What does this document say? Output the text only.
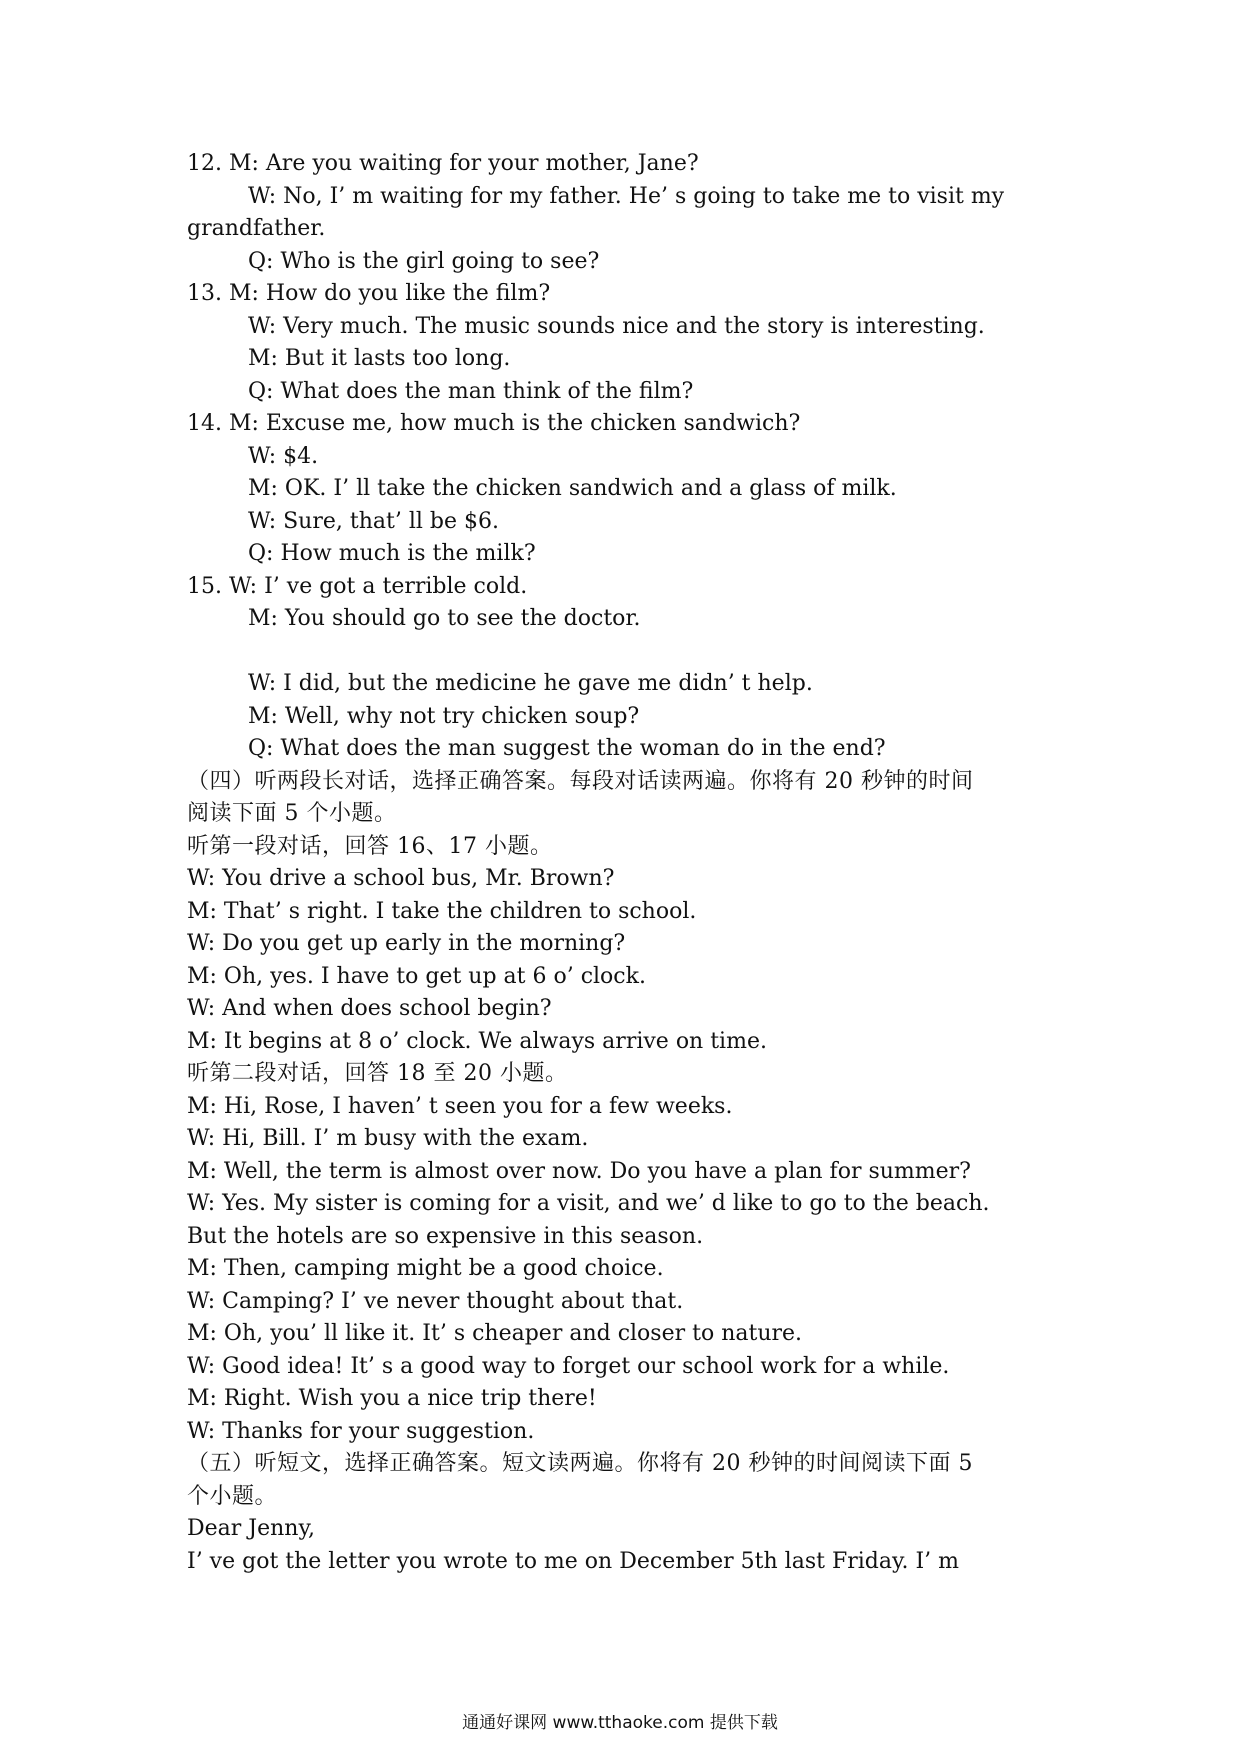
12. M: Are you waiting for your mother, Jane?
W: No, I’ m waiting for my father. He’ s going to take me to visit my
grandfather.
Q: Who is the girl going to see?
13. M: How do you like the film?
W: Very much. The music sounds nice and the story is interesting.
M: But it lasts too long.
Q: What does the man think of the film?
14. M: Excuse me, how much is the chicken sandwich?
W: $4.
M: OK. I’ ll take the chicken sandwich and a glass of milk.
W: Sure, that’ ll be $6.
Q: How much is the milk?
15. W: I’ ve got a terrible cold.
M: You should go to see the doctor.
W: I did, but the medicine he gave me didn’ t help.
M: Well, why not try chicken soup?
Q: What does the man suggest the woman do in the end?
（四）听两段长对话，选择正确答案。每段对话读两遍。你将有 20 秒钟的时间
阅读下面 5 个小题。
听第一段对话，回答 16、17 小题。
W: You drive a school bus, Mr. Brown?
M: That’ s right. I take the children to school.
W: Do you get up early in the morning?
M: Oh, yes. I have to get up at 6 o’ clock.
W: And when does school begin?
M: It begins at 8 o’ clock. We always arrive on time.
听第二段对话，回答 18 至 20 小题。
M: Hi, Rose, I haven’ t seen you for a few weeks.
W: Hi, Bill. I’ m busy with the exam.
M: Well, the term is almost over now. Do you have a plan for summer?
W: Yes. My sister is coming for a visit, and we’ d like to go to the beach.
But the hotels are so expensive in this season.
M: Then, camping might be a good choice.
W: Camping? I’ ve never thought about that.
M: Oh, you’ ll like it. It’ s cheaper and closer to nature.
W: Good idea! It’ s a good way to forget our school work for a while.
M: Right. Wish you a nice trip there!
W: Thanks for your suggestion.
（五）听短文，选择正确答案。短文读两遍。你将有 20 秒钟的时间阅读下面 5
个小题。
Dear Jenny,
I’ ve got the letter you wrote to me on December 5th last Friday. I’ m
通通好课网 www.tthaoke.com 提供下载
